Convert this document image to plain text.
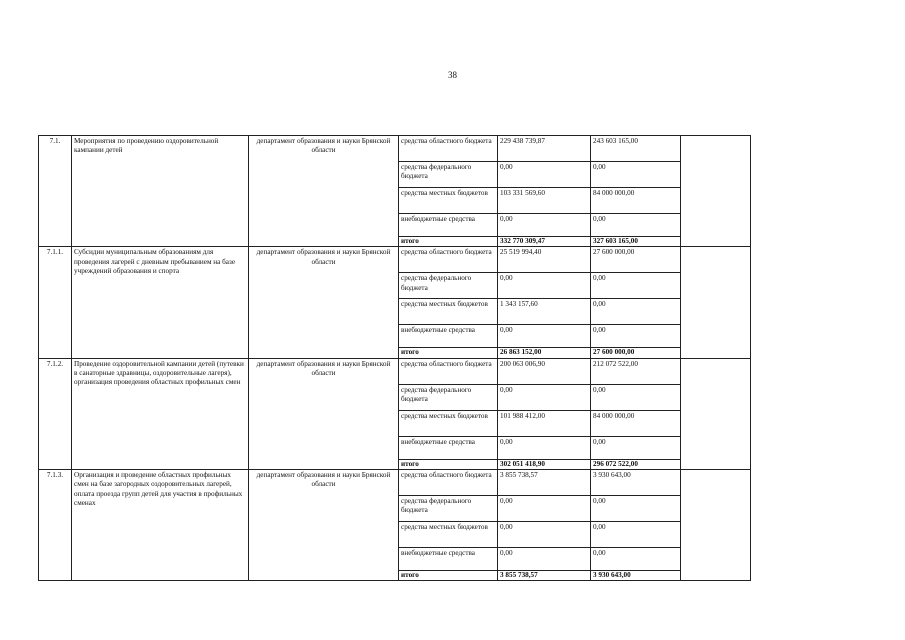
38
7.1.	Мероприятия по проведению оздоровительной кампании детей	департамент образования и науки Брянской области	средства областного бюджета	229 438 739,87	243 603 165,00	
			средства федерального бюджета	0,00	0,00	
			средства местных бюджетов	103 331 569,60	84 000 000,00	
			внебюджетные средства	0,00	0,00	
			итого	332 770 309,47	327 603 165,00	
7.1.1.	Субсидии муниципальным образованиям для проведения лагерей с дневным пребыванием на базе учреждений образования и спорта	департамент образования и науки Брянской области	средства областного бюджета	25 519 994,40	27 600 000,00	
			средства федерального бюджета	0,00	0,00	
			средства местных бюджетов	1 343 157,60	0,00	
			внебюджетные средства	0,00	0,00	
			итого	26 863 152,00	27 600 000,00	
7.1.2.	Проведение оздоровительной кампании детей (путевки в санаторные здравницы, оздоровительные лагеря), организация проведения областных профильных смен	департамент образования и науки Брянской области	средства областного бюджета	200 063 006,90	212 072 522,00	
			средства федерального бюджета	0,00	0,00	
			средства местных бюджетов	101 988 412,00	84 000 000,00	
			внебюджетные средства	0,00	0,00	
			итого	302 051 418,90	296 072 522,00	
7.1.3.	Организация и проведение областных профильных смен на базе загородных оздоровительных лагерей, оплата проезда групп детей для участия в профильных сменах	департамент образования и науки Брянской области	средства областного бюджета	3 855 738,57	3 930 643,00	
			средства федерального бюджета	0,00	0,00	
			средства местных бюджетов	0,00	0,00	
			внебюджетные средства	0,00	0,00	
			итого	3 855 738,57	3 930 643,00	
